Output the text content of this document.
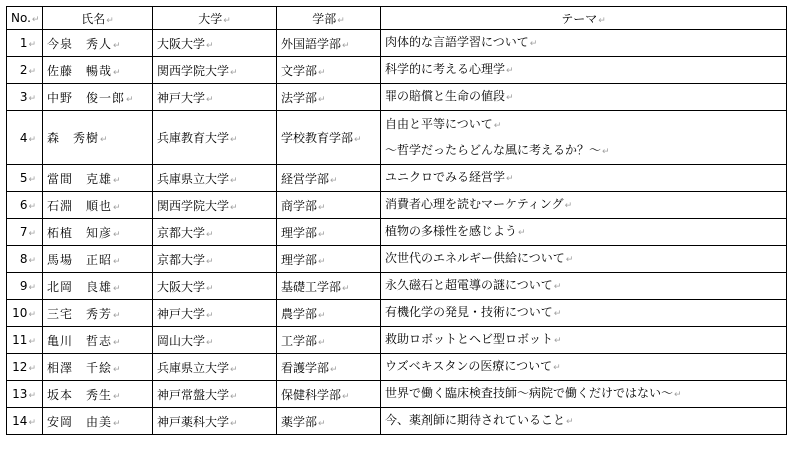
No.↵	氏名↵	大学↵	学部↵	テーマ↵
1↵	今泉　秀人↵	大阪大学↵	外国語学部↵	肉体的な言語学習について↵

2↵	佐藤　暢哉↵	関西学院大学↵	文学部↵	科学的に考える心理学↵

3↵	中野　俊一郎↵	神戸大学↵	法学部↵	罪の賠償と生命の値段↵

4↵	森　秀樹↵	兵庫教育大学↵	学校教育学部↵	自由と平等について↵
～哲学だったらどんな風に考えるか？～↵

5↵	當間　克雄↵	兵庫県立大学↵	経営学部↵	ユニクロでみる経営学↵

6↵	石淵　順也↵	関西学院大学↵	商学部↵	消費者心理を読むマーケティング↵

7↵	柘植　知彦↵	京都大学↵	理学部↵	植物の多様性を感じよう↵

8↵	馬場　正昭↵	京都大学↵	理学部↵	次世代のエネルギー供給について↵

9↵	北岡　良雄↵	大阪大学↵	基礎工学部↵	永久磁石と超電導の謎について↵

10↵	三宅　秀芳↵	神戸大学↵	農学部↵	有機化学の発見・技術について↵

11↵	亀川　哲志↵	岡山大学↵	工学部↵	救助ロボットとヘビ型ロボット↵

12↵	相澤　千絵↵	兵庫県立大学↵	看護学部↵	ウズベキスタンの医療について↵

13↵	坂本　秀生↵	神戸常盤大学↵	保健科学部↵	世界で働く臨床検査技師～病院で働くだけではない～↵

14↵	安岡　由美↵	神戸薬科大学↵	薬学部↵	今、薬剤師に期待されていること↵
